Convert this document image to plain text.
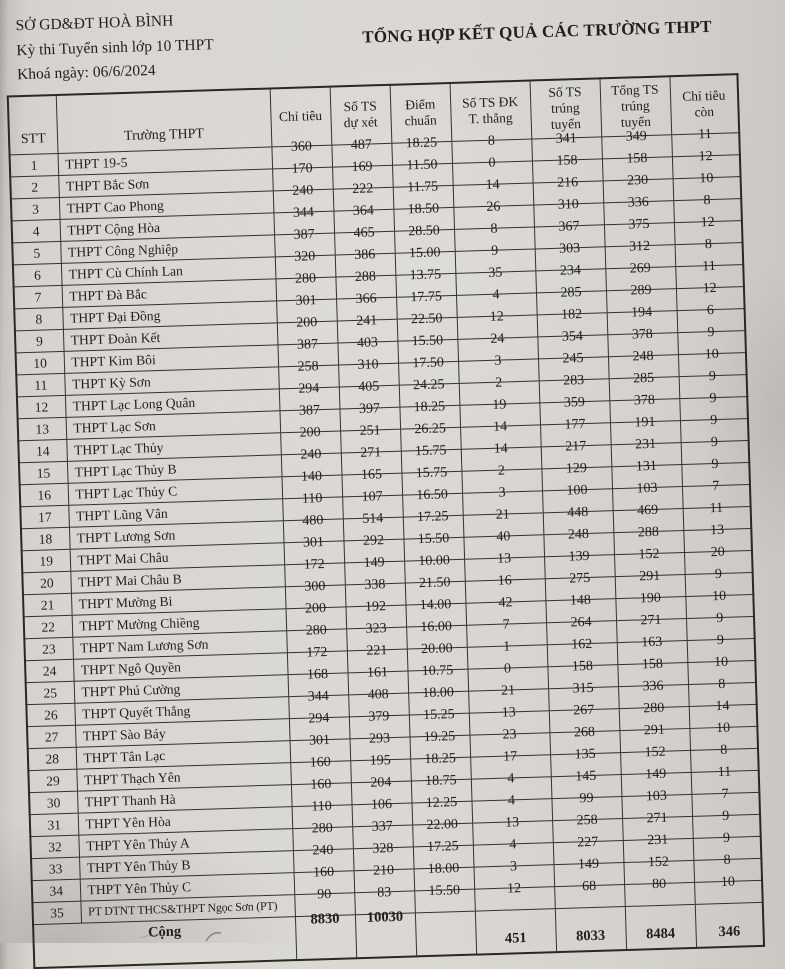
SỞ GD&ĐT HOÀ BÌNH
Kỳ thi Tuyển sinh lớp 10 THPT
Khoá ngày: 06/6/2024
TỔNG HỢP KẾT QUẢ CÁC TRƯỜNG THPT
STT	Trường THPT	Chỉ tiêu	Số TS dự xét	Điểm chuẩn	Số TS ĐK T. thẳng	Số TS trúng tuyển	Tổng TS trúng tuyển	Chỉ tiêu còn
1	THPT 19-5	360	487	18.25	8	341	349	11
2	THPT Bắc Sơn	170	169	11.50	0	158	158	12
3	THPT Cao Phong	240	222	11.75	14	216	230	10
4	THPT Cộng Hòa	344	364	18.50	26	310	336	8
5	THPT Công Nghiệp	387	465	28.50	8	367	375	12
6	THPT Cù Chính Lan	320	386	15.00	9	303	312	8
7	THPT Đà Bắc	280	288	13.75	35	234	269	11
8	THPT Đại Đồng	301	366	17.75	4	285	289	12
9	THPT Đoàn Kết	200	241	22.50	12	182	194	6
10	THPT Kim Bôi	387	403	15.50	24	354	378	9
11	THPT Kỳ Sơn	258	310	17.50	3	245	248	10
12	THPT Lạc Long Quân	294	405	24.25	2	283	285	9
13	THPT Lạc Sơn	387	397	18.25	19	359	378	9
14	THPT Lạc Thủy	200	251	26.25	14	177	191	9
15	THPT Lạc Thủy B	240	271	15.75	14	217	231	9
16	THPT Lạc Thủy C	140	165	15.75	2	129	131	9
17	THPT Lũng Vân	110	107	16.50	3	100	103	7
18	THPT Lương Sơn	480	514	17.25	21	448	469	11
19	THPT Mai Châu	301	292	15.50	40	248	288	13
20	THPT Mai Châu B	172	149	10.00	13	139	152	20
21	THPT Mường Bi	300	338	21.50	16	275	291	9
22	THPT Mường Chiềng	200	192	14.00	42	148	190	10
23	THPT Nam Lương Sơn	280	323	16.00	7	264	271	9
24	THPT Ngô Quyền	172	221	20.00	1	162	163	9
25	THPT Phú Cường	168	161	10.75	0	158	158	10
26	THPT Quyết Thắng	344	408	18.00	21	315	336	8
27	THPT Sào Báy	294	379	15.25	13	267	280	14
28	THPT Tân Lạc	301	293	19.25	23	268	291	10
29	THPT Thạch Yên	160	195	18.25	17	135	152	8
30	THPT Thanh Hà	160	204	18.75	4	145	149	11
31	THPT Yên Hòa	110	106	12.25	4	99	103	7
32	THPT Yên Thủy A	280	337	22.00	13	258	271	9
33	THPT Yên Thủy B	240	328	17.25	4	227	231	9
34	THPT Yên Thủy C	160	210	18.00	3	149	152	8
35	PT DTNT THCS&THPT Ngọc Sơn (PT)	90	83	15.50	12	68	80	10
Cộng		8830	10030		451	8033	8484	346
